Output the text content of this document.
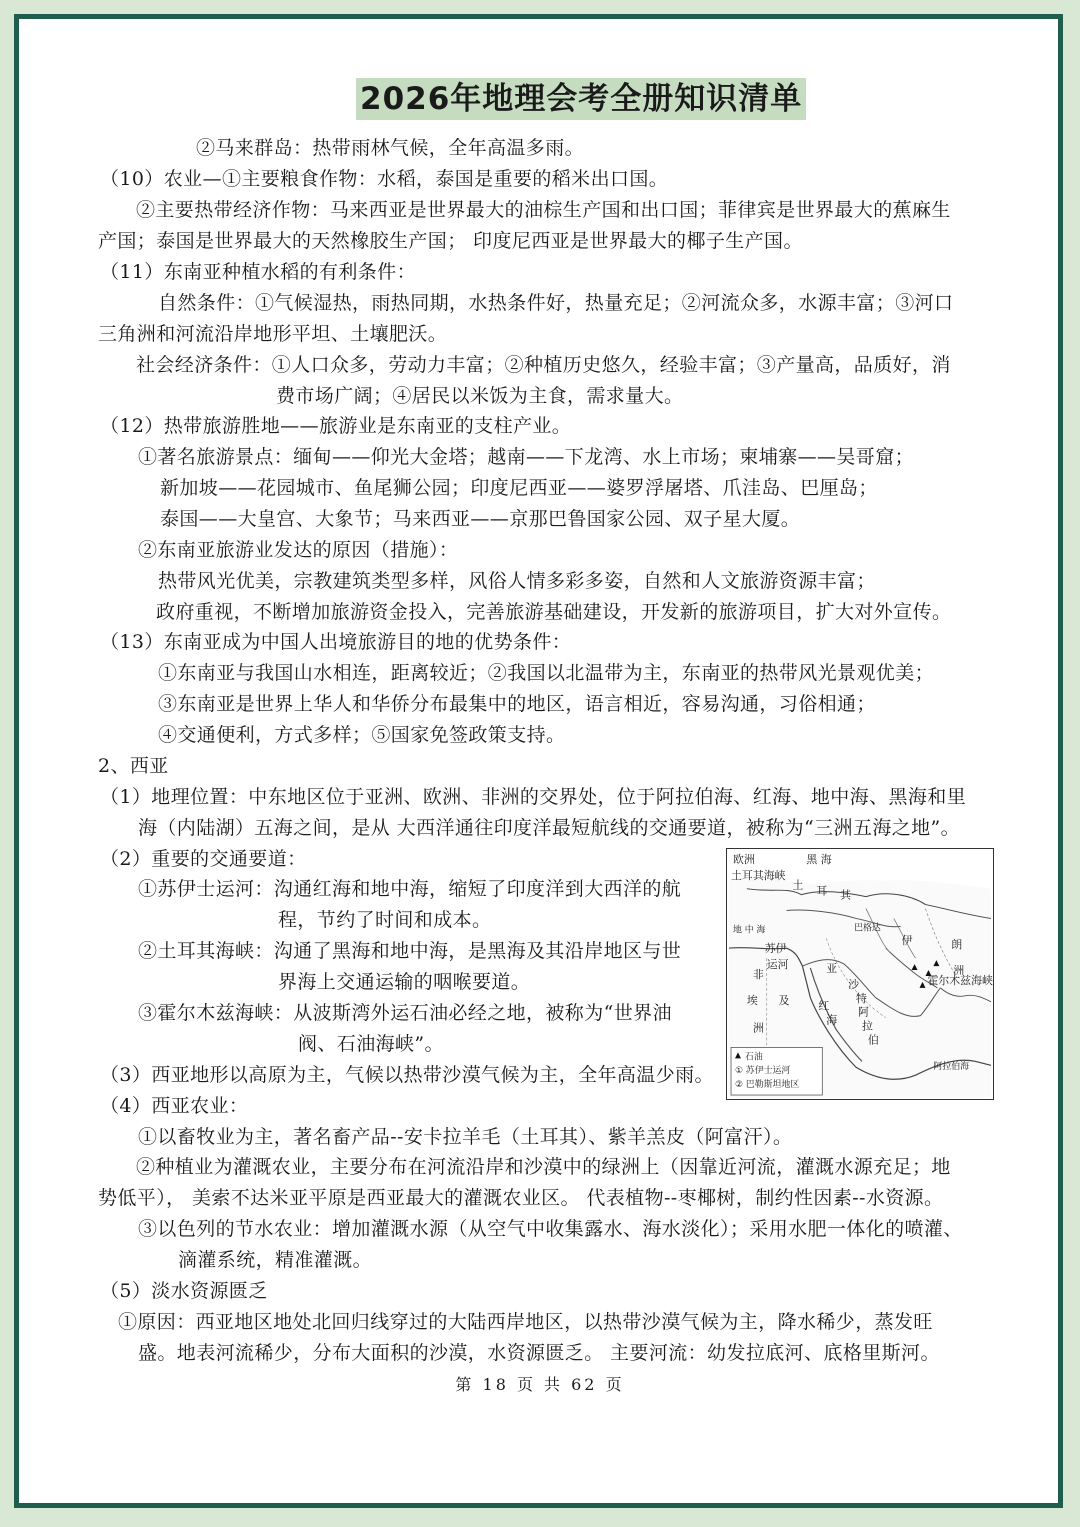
2026年地理会考全册知识清单
②马来群岛：热带雨林气候，全年高温多雨。
（10）农业—①主要粮食作物：水稻，泰国是重要的稻米出口国。
②主要热带经济作物：马来西亚是世界最大的油棕生产国和出口国；菲律宾是世界最大的蕉麻生
产国；泰国是世界最大的天然橡胶生产国； 印度尼西亚是世界最大的椰子生产国。
（11）东南亚种植水稻的有利条件：
自然条件：①气候湿热，雨热同期，水热条件好，热量充足；②河流众多，水源丰富；③河口
三角洲和河流沿岸地形平坦、土壤肥沃。
社会经济条件：①人口众多，劳动力丰富；②种植历史悠久，经验丰富；③产量高，品质好，消
费市场广阔；④居民以米饭为主食，需求量大。
（12）热带旅游胜地——旅游业是东南亚的支柱产业。
①著名旅游景点：缅甸——仰光大金塔；越南——下龙湾、水上市场；柬埔寨——吴哥窟；
新加坡——花园城市、鱼尾狮公园；印度尼西亚——婆罗浮屠塔、爪洼岛、巴厘岛；
泰国——大皇宫、大象节；马来西亚——京那巴鲁国家公园、双子星大厦。
②东南亚旅游业发达的原因（措施）：
热带风光优美，宗教建筑类型多样，风俗人情多彩多姿，自然和人文旅游资源丰富；
政府重视，不断增加旅游资金投入，完善旅游基础建设，开发新的旅游项目，扩大对外宣传。
（13）东南亚成为中国人出境旅游目的地的优势条件：
①东南亚与我国山水相连，距离较近；②我国以北温带为主，东南亚的热带风光景观优美；
③东南亚是世界上华人和华侨分布最集中的地区，语言相近，容易沟通，习俗相通；
④交通便利，方式多样；⑤国家免签政策支持。
2、西亚
（1）地理位置：中东地区位于亚洲、欧洲、非洲的交界处，位于阿拉伯海、红海、地中海、黑海和里
海（内陆湖）五海之间，是从 大西洋通往印度洋最短航线的交通要道，被称为“三洲五海之地”。
（2）重要的交通要道：
①苏伊士运河：沟通红海和地中海，缩短了印度洋到大西洋的航
程，节约了时间和成本。
②土耳其海峡：沟通了黑海和地中海，是黑海及其沿岸地区与世
界海上交通运输的咽喉要道。
③霍尔木兹海峡：从波斯湾外运石油必经之地，被称为“世界油
阀、石油海峡”。
（3）西亚地形以高原为主，气候以热带沙漠气候为主，全年高温少雨。
（4）西亚农业：
①以畜牧业为主，著名畜产品--安卡拉羊毛（土耳其）、紫羊羔皮（阿富汗）。
②种植业为灌溉农业，主要分布在河流沿岸和沙漠中的绿洲上（因靠近河流，灌溉水源充足；地
势低平）， 美索不达米亚平原是西亚最大的灌溉农业区。 代表植物--枣椰树，制约性因素--水资源。
③以色列的节水农业：增加灌溉水源（从空气中收集露水、海水淡化）；采用水肥一体化的喷灌、
滴灌系统，精准灌溉。
（5）淡水资源匮乏
①原因：西亚地区地处北回归线穿过的大陆西岸地区，以热带沙漠气候为主，降水稀少，蒸发旺
盛。地表河流稀少，分布大面积的沙漠，水资源匮乏。 主要河流：幼发拉底河、底格里斯河。
欧洲	黑 海
土耳其海峡
土 耳 其
地 中 海
苏伊
运河
非
洲
埃 及	红
海
亚
沙
特
阿
拉
伯
伊	朗
洲
巴格达
霍尔木兹海峡
阿拉伯海
石油
① 苏伊士运河
② 巴勒斯坦地区
第 18 页 共 62 页
